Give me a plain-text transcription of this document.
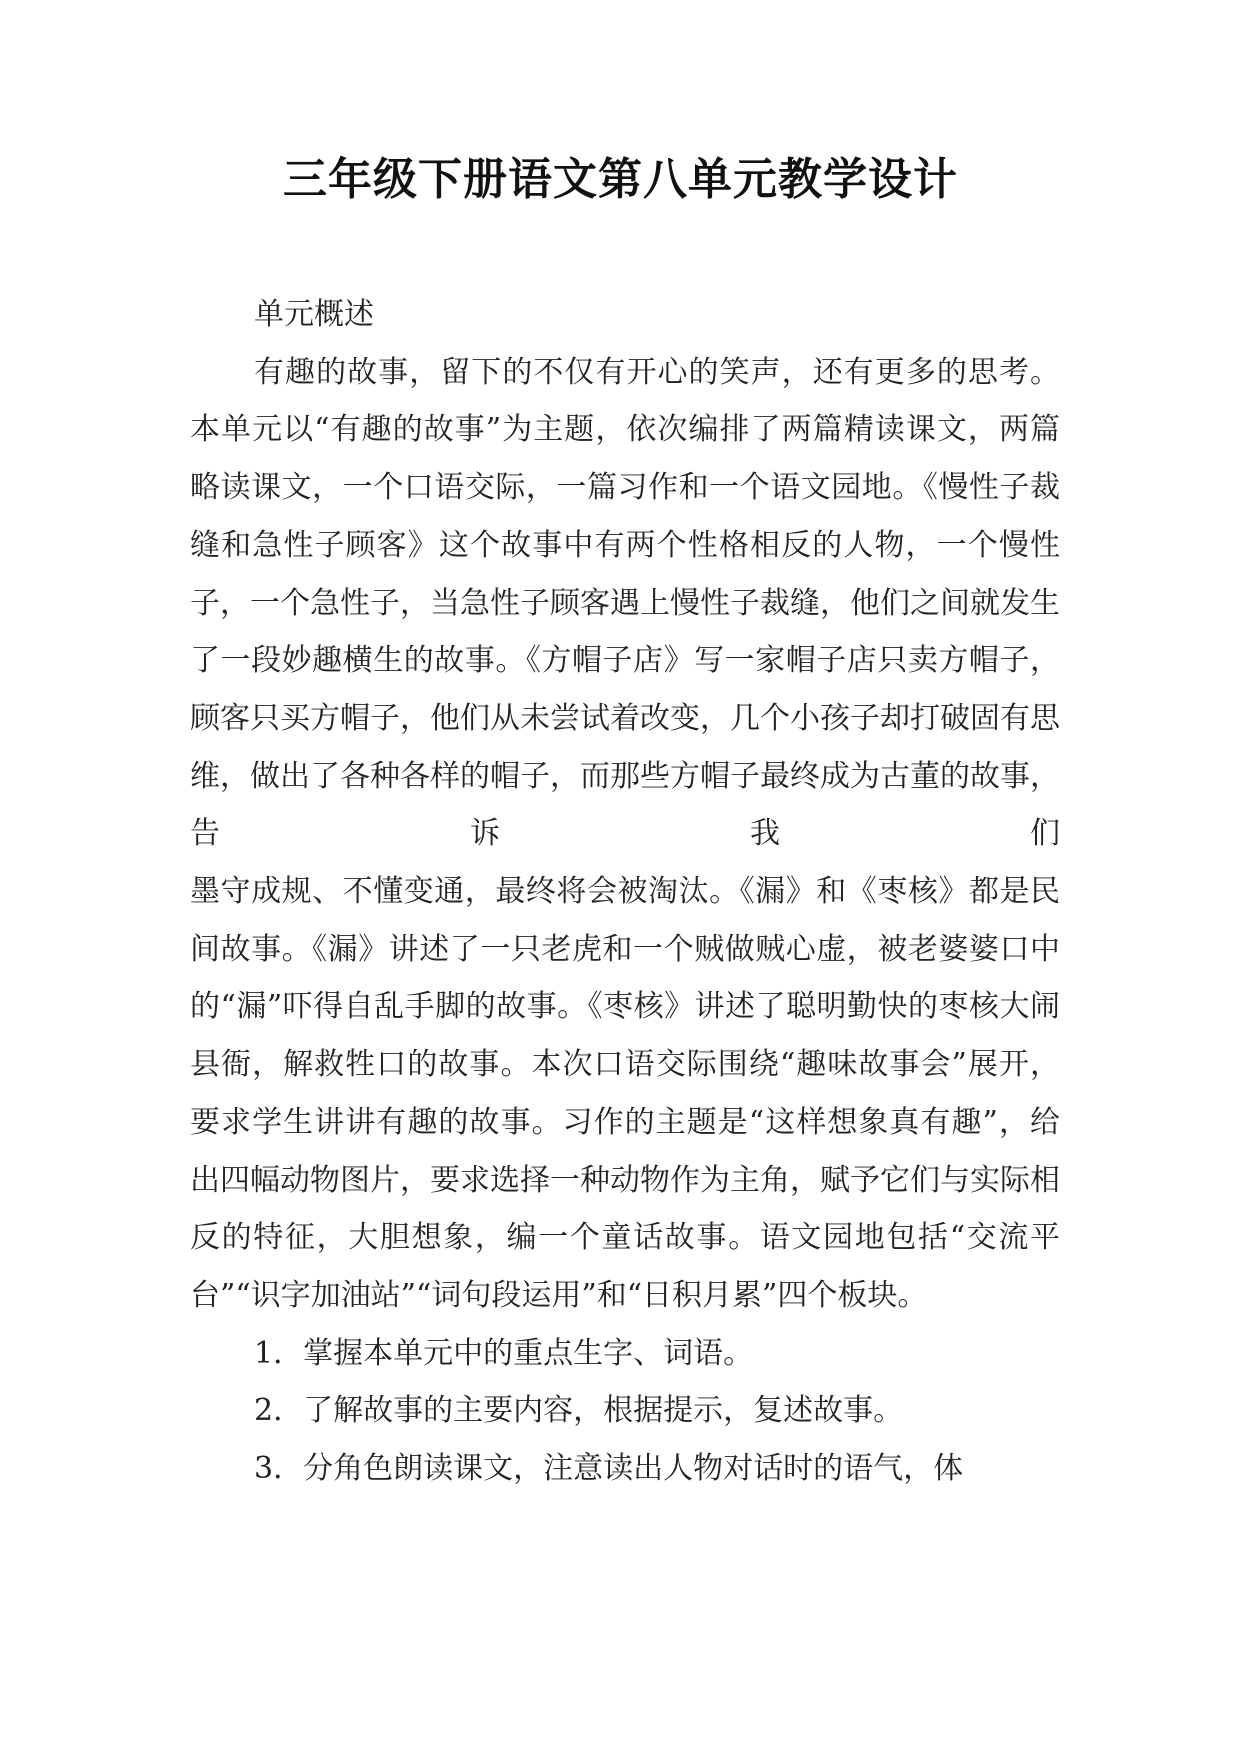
三年级下册语文第八单元教学设计

单元概述

有趣的故事，留下的不仅有开心的笑声，还有更多的思考。本单元以“有趣的故事”为主题，依次编排了两篇精读课文，两篇略读课文，一个口语交际，一篇习作和一个语文园地。《慢性子裁缝和急性子顾客》这个故事中有两个性格相反的人物，一个慢性子，一个急性子，当急性子顾客遇上慢性子裁缝，他们之间就发生了一段妙趣横生的故事。《方帽子店》写一家帽子店只卖方帽子，顾客只买方帽子，他们从未尝试着改变，几个小孩子却打破固有思维，做出了各种各样的帽子，而那些方帽子最终成为古董的故事，告诉我们墨守成规、不懂变通，最终将会被淘汰。《漏》和《枣核》都是民间故事。《漏》讲述了一只老虎和一个贼做贼心虚，被老婆婆口中的“漏”吓得自乱手脚的故事。《枣核》讲述了聪明勤快的枣核大闹县衙，解救牲口的故事。本次口语交际围绕“趣味故事会”展开，要求学生讲讲有趣的故事。习作的主题是“这样想象真有趣”，给出四幅动物图片，要求选择一种动物作为主角，赋予它们与实际相反的特征，大胆想象，编一个童话故事。语文园地包括“交流平台”“识字加油站”“词句段运用”和“日积月累”四个板块。

1．掌握本单元中的重点生字、词语。

2．了解故事的主要内容，根据提示，复述故事。

3．分角色朗读课文，注意读出人物对话时的语气，体
